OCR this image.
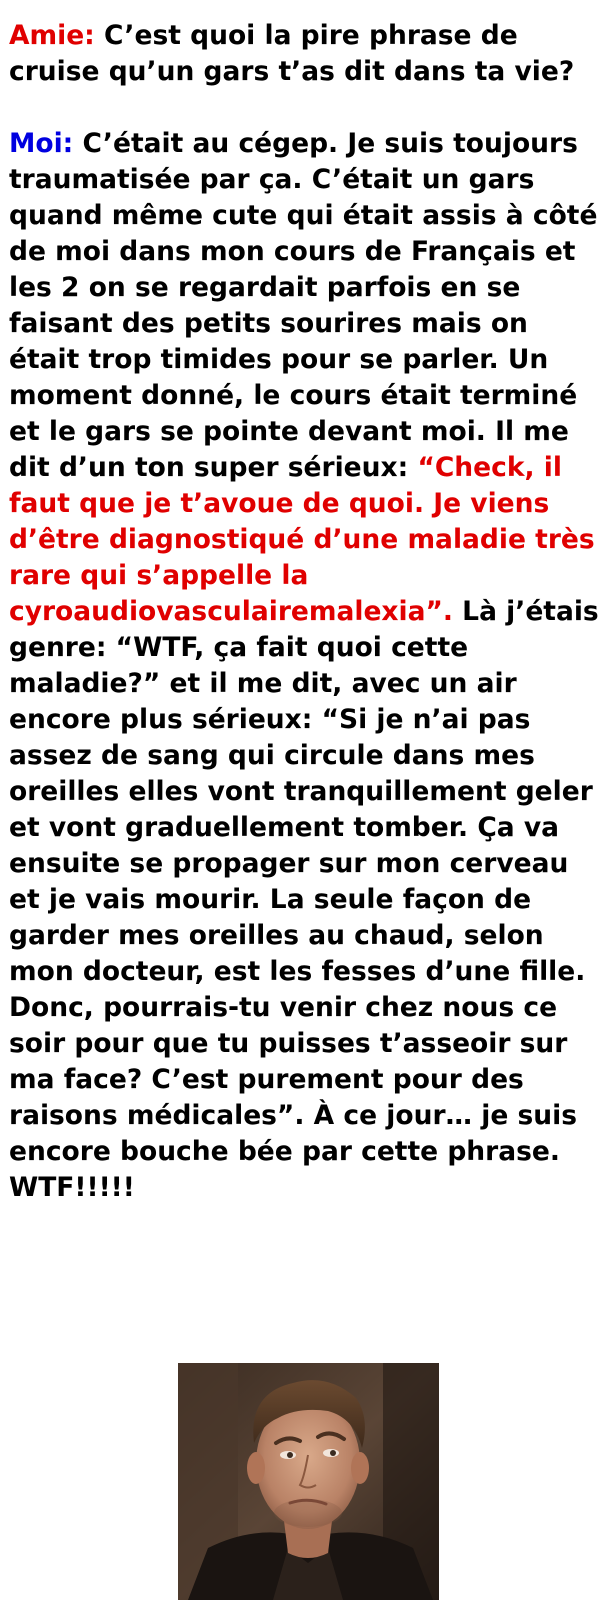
Amie: C’est quoi la pire phrase de cruise qu’un gars t’as dit dans ta vie?

Moi: C’était au cégep. Je suis toujours traumatisée par ça. C’était un gars quand même cute qui était assis à côté de moi dans mon cours de Français et les 2 on se regardait parfois en se faisant des petits sourires mais on était trop timides pour se parler. Un moment donné, le cours était terminé et le gars se pointe devant moi. Il me dit d’un ton super sérieux: “Check, il faut que je t’avoue de quoi. Je viens d’être diagnostiqué d’une maladie très rare qui s’appelle la cyroaudiovasculairemalexia”. Là j’étais genre: “WTF, ça fait quoi cette maladie?” et il me dit, avec un air encore plus sérieux: “Si je n’ai pas assez de sang qui circule dans mes oreilles elles vont tranquillement geler et vont graduellement tomber. Ça va ensuite se propager sur mon cerveau et je vais mourir. La seule façon de garder mes oreilles au chaud, selon mon docteur, est les fesses d’une fille. Donc, pourrais-tu venir chez nous ce soir pour que tu puisses t’asseoir sur ma face? C’est purement pour des raisons médicales”. À ce jour… je suis encore bouche bée par cette phrase. WTF!!!!!
